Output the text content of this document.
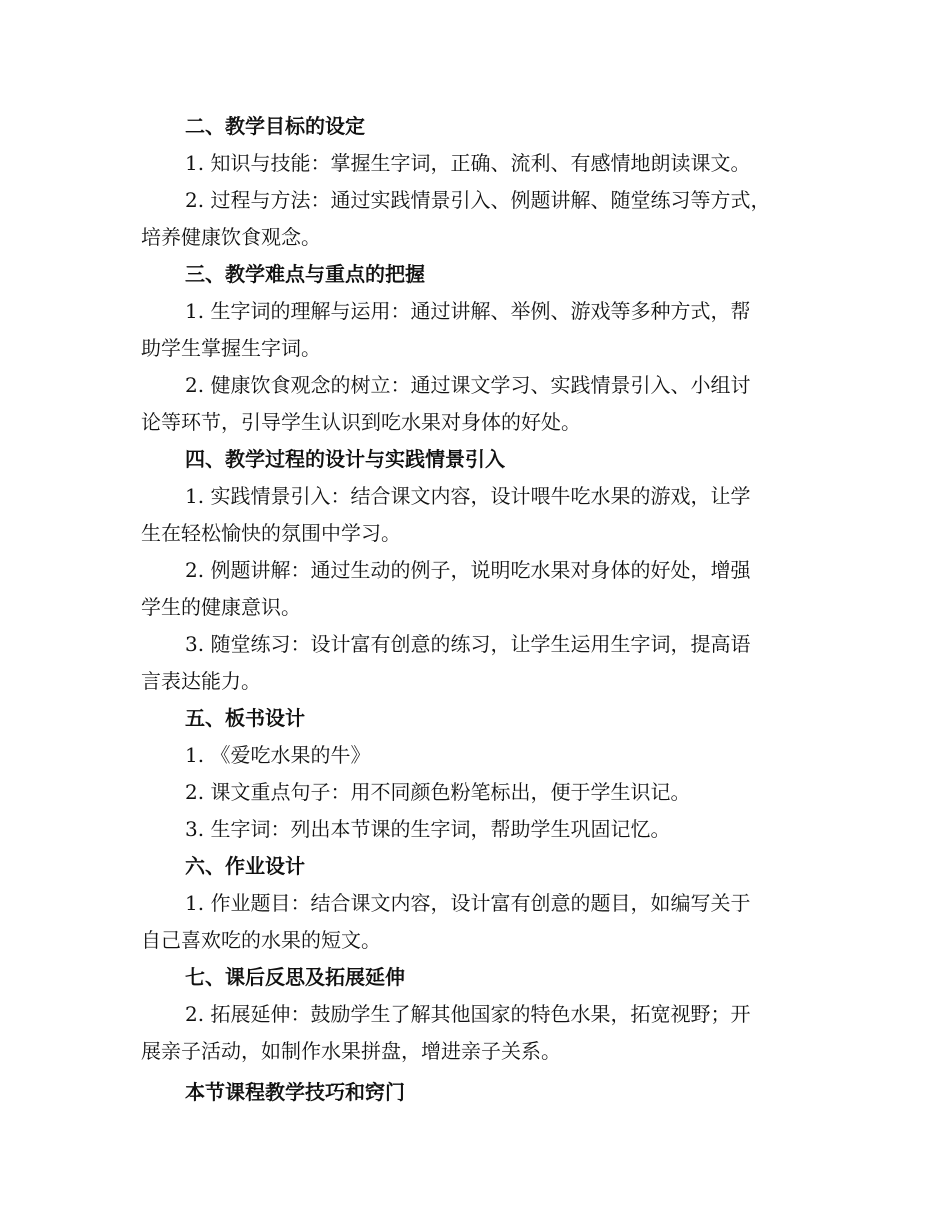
二、教学目标的设定
1. 知识与技能：掌握生字词，正确、流利、有感情地朗读课文。
2. 过程与方法：通过实践情景引入、例题讲解、随堂练习等方式，
培养健康饮食观念。
三、教学难点与重点的把握
1. 生字词的理解与运用：通过讲解、举例、游戏等多种方式，帮
助学生掌握生字词。
2. 健康饮食观念的树立：通过课文学习、实践情景引入、小组讨
论等环节，引导学生认识到吃水果对身体的好处。
四、教学过程的设计与实践情景引入
1. 实践情景引入：结合课文内容，设计喂牛吃水果的游戏，让学
生在轻松愉快的氛围中学习。
2. 例题讲解：通过生动的例子，说明吃水果对身体的好处，增强
学生的健康意识。
3. 随堂练习：设计富有创意的练习，让学生运用生字词，提高语
言表达能力。
五、板书设计
1. 《爱吃水果的牛》
2. 课文重点句子：用不同颜色粉笔标出，便于学生识记。
3. 生字词：列出本节课的生字词，帮助学生巩固记忆。
六、作业设计
1. 作业题目：结合课文内容，设计富有创意的题目，如编写关于
自己喜欢吃的水果的短文。
七、课后反思及拓展延伸
2. 拓展延伸：鼓励学生了解其他国家的特色水果，拓宽视野；开
展亲子活动，如制作水果拼盘，增进亲子关系。
本节课程教学技巧和窍门
